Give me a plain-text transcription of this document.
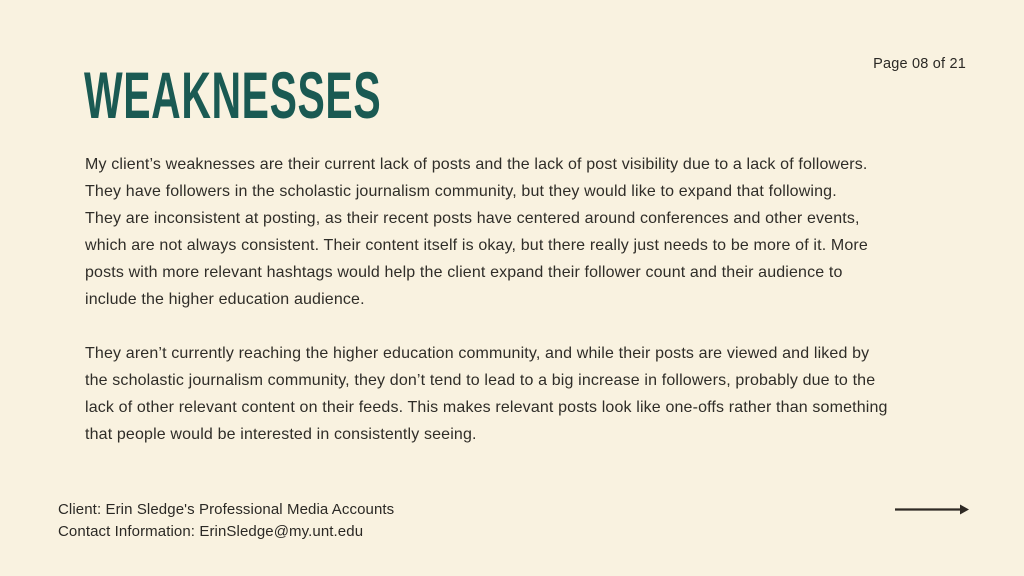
Page 08 of 21
WEAKNESSES
My client’s weaknesses are their current lack of posts and the lack of post visibility due to a lack of followers.
They have followers in the scholastic journalism community, but they would like to expand that following.
They are inconsistent at posting, as their recent posts have centered around conferences and other events,
which are not always consistent. Their content itself is okay, but there really just needs to be more of it. More
posts with more relevant hashtags would help the client expand their follower count and their audience to
include the higher education audience.
They aren’t currently reaching the higher education community, and while their posts are viewed and liked by
the scholastic journalism community, they don’t tend to lead to a big increase in followers, probably due to the
lack of other relevant content on their feeds. This makes relevant posts look like one-offs rather than something
that people would be interested in consistently seeing.
Client: Erin Sledge's Professional Media Accounts
Contact Information: ErinSledge@my.unt.edu
